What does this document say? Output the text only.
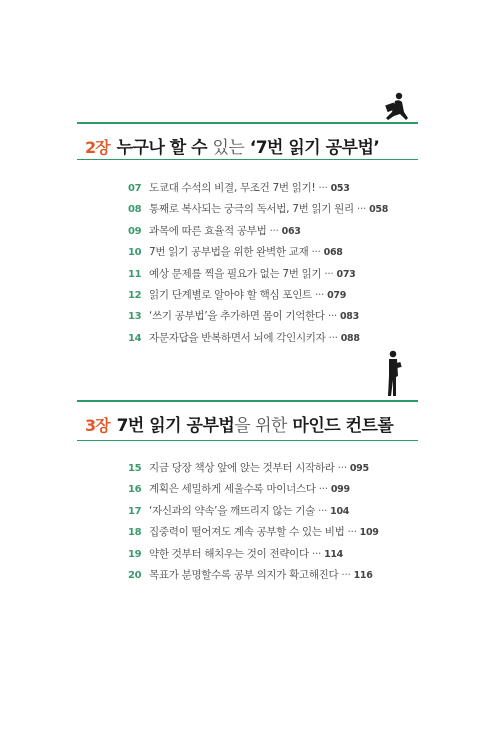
2장 누구나 할 수 있는 ‘7번 읽기 공부법’
07 도쿄대 수석의 비결, 무조건 7번 읽기! ··· 053
08 통째로 복사되는 궁극의 독서법, 7번 읽기 원리 ··· 058
09 과목에 따른 효율적 공부법 ··· 063
10 7번 읽기 공부법을 위한 완벽한 교재 ··· 068
11 예상 문제를 찍을 필요가 없는 7번 읽기 ··· 073
12 읽기 단계별로 알아야 할 핵심 포인트 ··· 079
13 ‘쓰기 공부법’을 추가하면 몸이 기억한다 ··· 083
14 자문자답을 반복하면서 뇌에 각인시키자 ··· 088
3장 7번 읽기 공부법을 위한 마인드 컨트롤
15 지금 당장 책상 앞에 앉는 것부터 시작하라 ··· 095
16 계획은 세밀하게 세울수록 마이너스다 ··· 099
17 ‘자신과의 약속’을 깨뜨리지 않는 기술 ··· 104
18 집중력이 떨어져도 계속 공부할 수 있는 비법 ··· 109
19 약한 것부터 해치우는 것이 전략이다 ··· 114
20 목표가 분명할수록 공부 의지가 확고해진다 ··· 116
